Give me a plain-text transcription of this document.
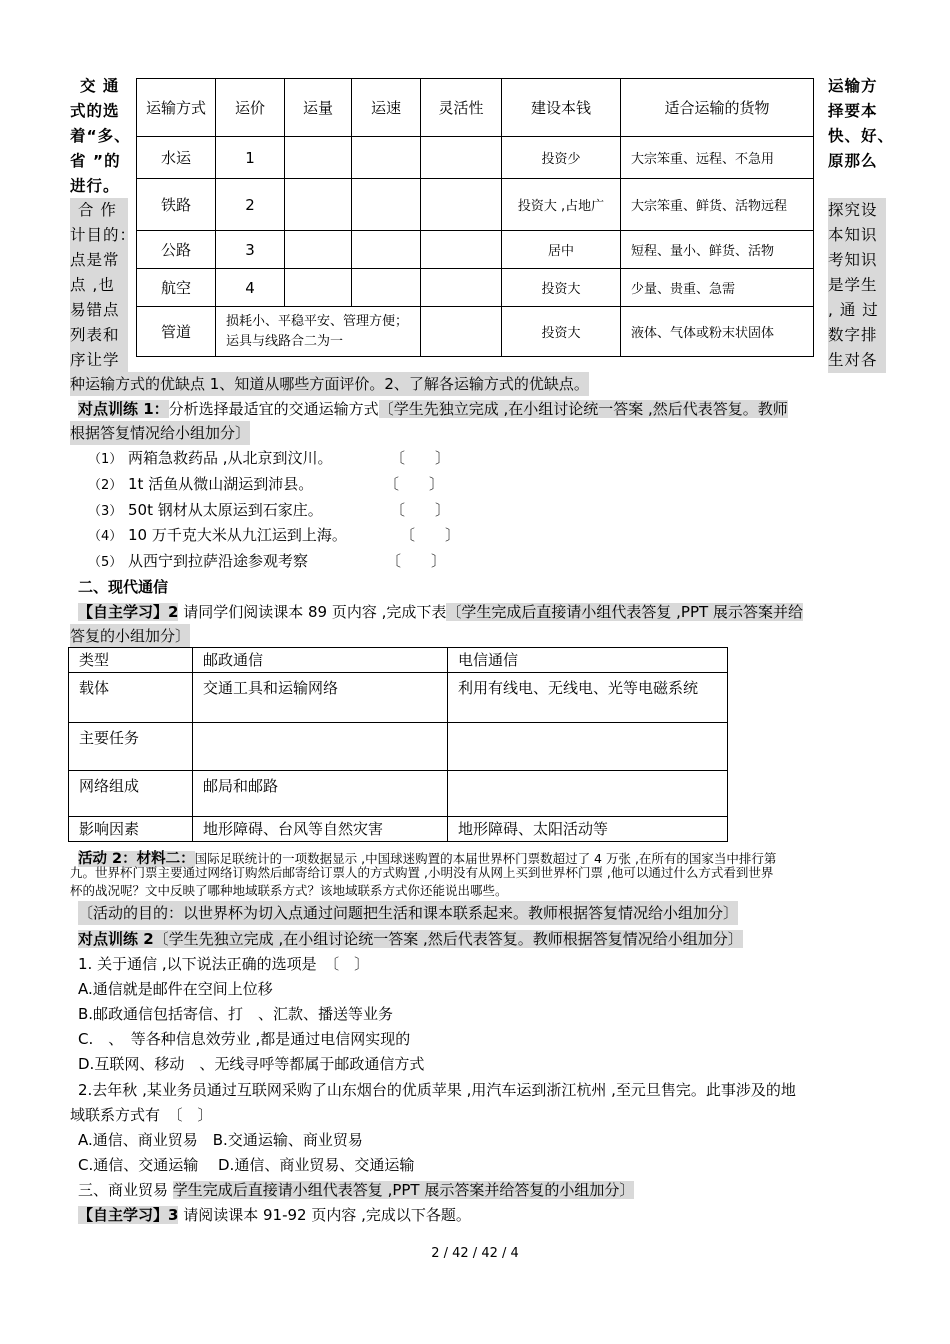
交 通
式的选
着“多、
省 ”的
进行。
合 作
计目的：
点是常
点 ,也
易错点
列表和
序让学
运输方
择要本
快、好、
原那么
探究设
本知识
考知识
是学生
, 通 过
数字排
生对各
运输方式	运价	运量	运速	灵活性	建设本钱	适合运输的货物
水运	1				投资少	大宗笨重、远程、不急用
铁路	2				投资大 ,占地广	大宗笨重、鲜货、活物远程
公路	3				居中	短程、量小、鲜货、活物
航空	4				投资大	少量、贵重、急需
管道	损耗小、平稳平安、管理方便；运具与线路合二为一				投资大	液体、气体或粉末状固体
种运输方式的优缺点 1、知道从哪些方面评价。2、了解各运输方式的优缺点。
对点训练 1：分析选择最适宜的交通运输方式〔学生先独立完成 ,在小组讨论统一答案 ,然后代表答复。教师
根据答复情况给小组加分〕
（1） 两箱急救药品 ,从北京到汶川。	〔　　〕
（2） 1t 活鱼从微山湖运到沛县。	〔　　〕
（3） 50t 钢材从太原运到石家庄。	〔　　〕
（4） 10 万千克大米从九江运到上海。	〔　　〕
（5） 从西宁到拉萨沿途参观考察	〔　　〕
二、现代通信
【自主学习】2 请同学们阅读课本 89 页内容 ,完成下表〔学生完成后直接请小组代表答复 ,PPT 展示答案并给
答复的小组加分〕
类型	邮政通信	电信通信
载体	交通工具和运输网络	利用有线电、无线电、光等电磁系统
主要任务		
网络组成	邮局和邮路	
影响因素	地形障碍、台风等自然灾害	地形障碍、太阳活动等
活动 2：材料二：国际足联统计的一项数据显示 ,中国球迷购置的本届世界杯门票数超过了 4 万张 ,在所有的国家当中排行第
九。世界杯门票主要通过网络订购然后邮寄给订票人的方式购置 ,小明没有从网上买到世界杯门票 ,他可以通过什么方式看到世界
杯的战况呢？文中反映了哪种地域联系方式？该地域联系方式你还能说出哪些。
〔活动的目的：以世界杯为切入点通过问题把生活和课本联系起来。教师根据答复情况给小组加分〕
对点训练 2〔学生先独立完成 ,在小组讨论统一答案 ,然后代表答复。教师根据答复情况给小组加分〕
1. 关于通信 ,以下说法正确的选项是　〔　〕
A.通信就是邮件在空间上位移
B.邮政通信包括寄信、打　、汇款、播送等业务
C.　、　等各种信息效劳业 ,都是通过电信网实现的
D.互联网、移动　、无线寻呼等都属于邮政通信方式
2.去年秋 ,某业务员通过互联网采购了山东烟台的优质苹果 ,用汽车运到浙江杭州 ,至元旦售完。此事涉及的地
域联系方式有　〔　〕
A.通信、商业贸易　B.交通运输、商业贸易
C.通信、交通运输　 D.通信、商业贸易、交通运输
三、商业贸易 学生完成后直接请小组代表答复 ,PPT 展示答案并给答复的小组加分〕
【自主学习】3 请阅读课本 91-92 页内容 ,完成以下各题。
2 / 42 / 42 / 4
